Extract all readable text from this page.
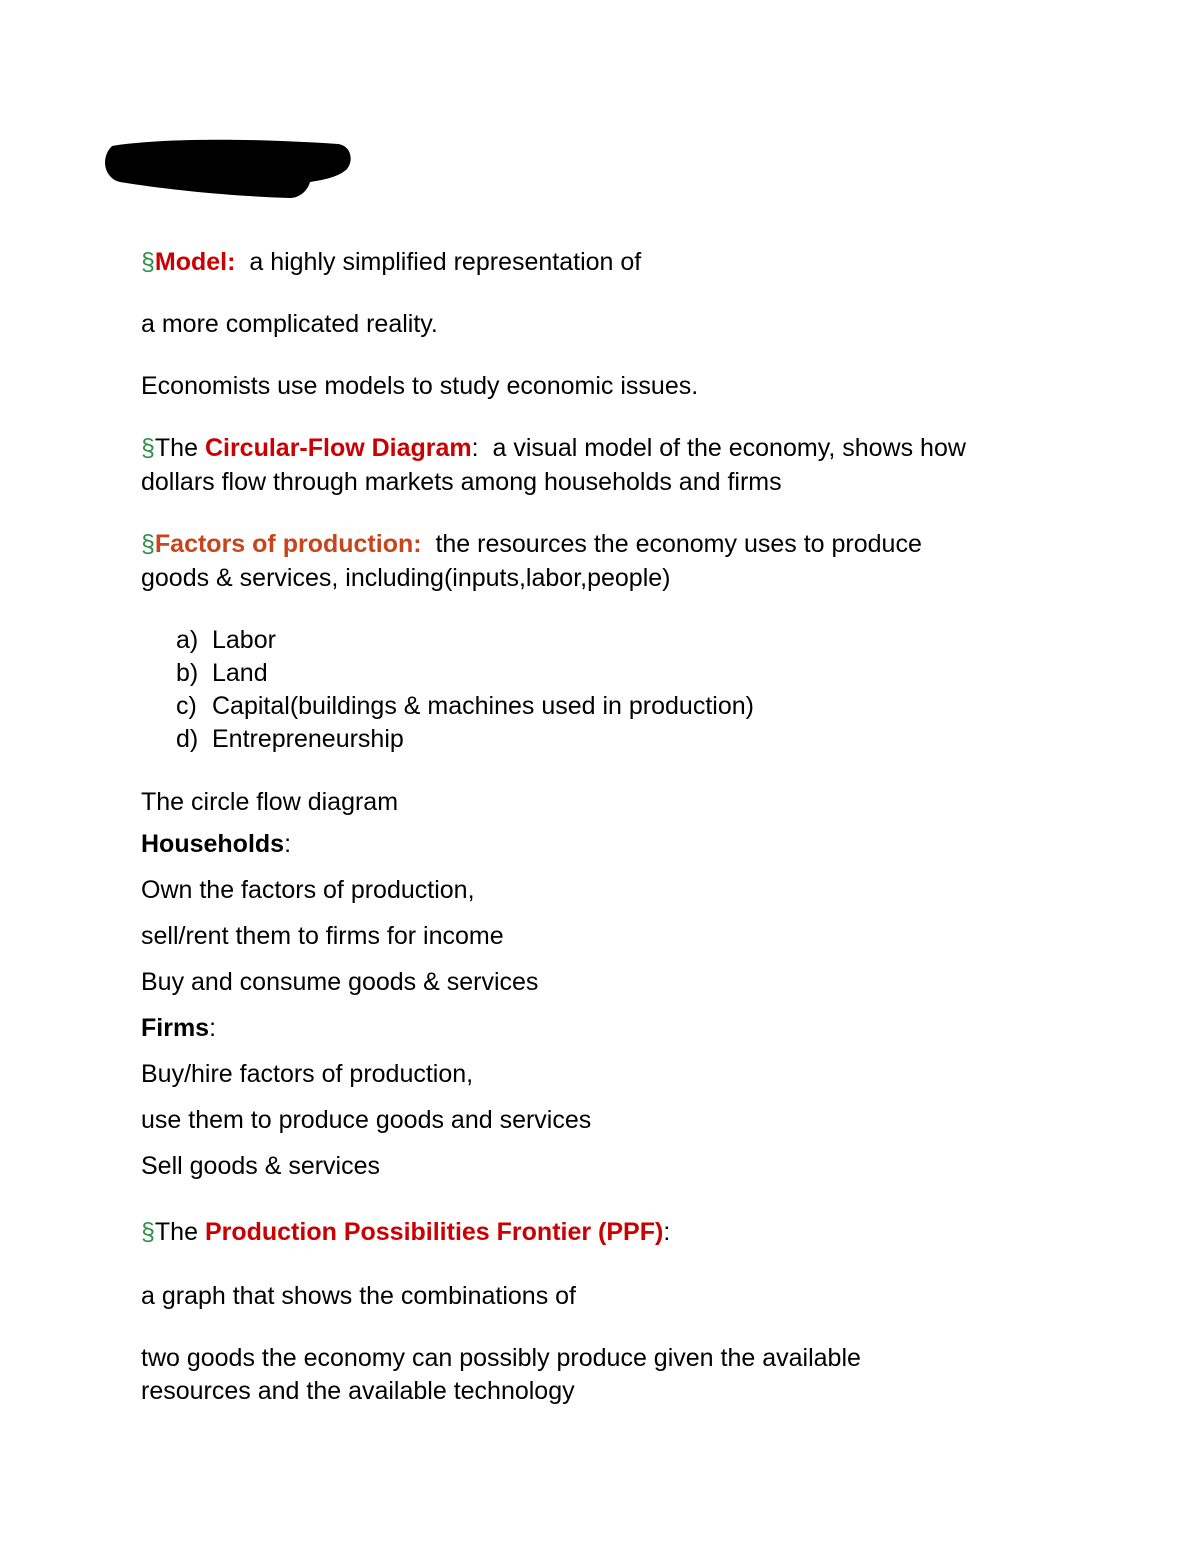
§Model:  a highly simplified representation of

a more complicated reality.

Economists use models to study economic issues.

§The Circular-Flow Diagram:  a visual model of the economy, shows how

dollars flow through markets among households and firms

§Factors of production:  the resources the economy uses to produce

goods & services, including(inputs,labor,people)

a) Labor
b) Land
c) Capital(buildings & machines used in production)
d) Entrepreneurship

The circle flow diagram

Households:

Own the factors of production,

sell/rent them to firms for income

Buy and consume goods & services

Firms:

Buy/hire factors of production,

use them to produce goods and services

Sell goods & services

§The Production Possibilities Frontier (PPF):

a graph that shows the combinations of

two goods the economy can possibly produce given the available

resources and the available technology
